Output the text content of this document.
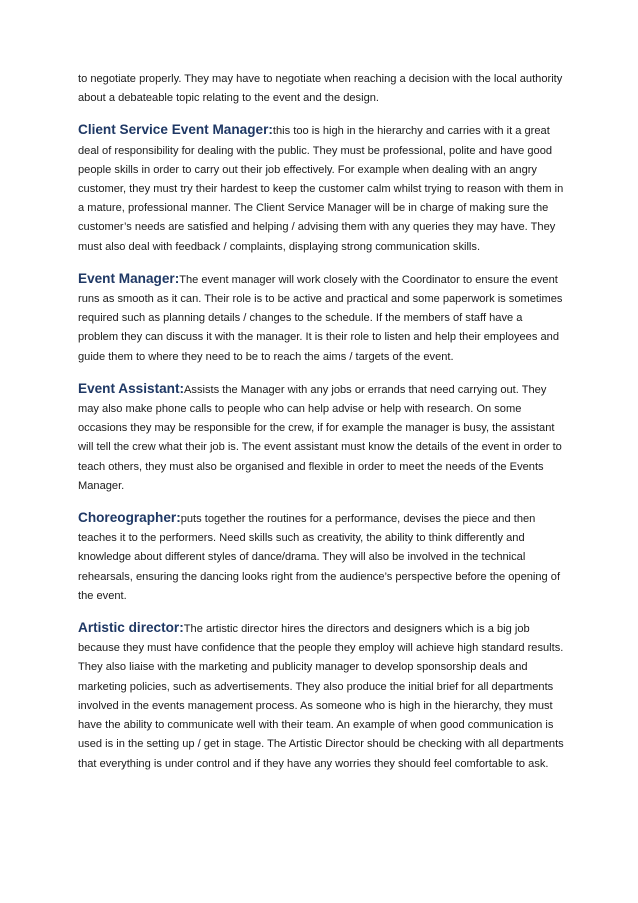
to negotiate properly. They may have to negotiate when reaching a decision with the local authority about a debateable topic relating to the event and the design.

Client Service Event Manager:this too is high in the hierarchy and carries with it a great deal of responsibility for dealing with the public. They must be professional, polite and have good people skills in order to carry out their job effectively. For example when dealing with an angry customer, they must try their hardest to keep the customer calm whilst trying to reason with them in a mature, professional manner. The Client Service Manager will be in charge of making sure the customer’s needs are satisfied and helping / advising them with any queries they may have. They must also deal with feedback / complaints, displaying strong communication skills.

Event Manager:The event manager will work closely with the Coordinator to ensure the event runs as smooth as it can. Their role is to be active and practical and some paperwork is sometimes required such as planning details / changes to the schedule. If the members of staff have a problem they can discuss it with the manager. It is their role to listen and help their employees and guide them to where they need to be to reach the aims / targets of the event.

Event Assistant:Assists the Manager with any jobs or errands that need carrying out. They may also make phone calls to people who can help advise or help with research. On some occasions they may be responsible for the crew, if for example the manager is busy, the assistant will tell the crew what their job is. The event assistant must know the details of the event in order to teach others, they must also be organised and flexible in order to meet the needs of the Events Manager.

Choreographer:puts together the routines for a performance, devises the piece and then teaches it to the performers. Need skills such as creativity, the ability to think differently and knowledge about different styles of dance/drama. They will also be involved in the technical rehearsals, ensuring the dancing looks right from the audience’s perspective before the opening of the event.

Artistic director:The artistic director hires the directors and designers which is a big job because they must have confidence that the people they employ will achieve high standard results. They also liaise with the marketing and publicity manager to develop sponsorship deals and marketing policies, such as advertisements. They also produce the initial brief for all departments involved in the events management process. As someone who is high in the hierarchy, they must have the ability to communicate well with their team. An example of when good communication is used is in the setting up / get in stage. The Artistic Director should be checking with all departments that everything is under control and if they have any worries they should feel comfortable to ask.
